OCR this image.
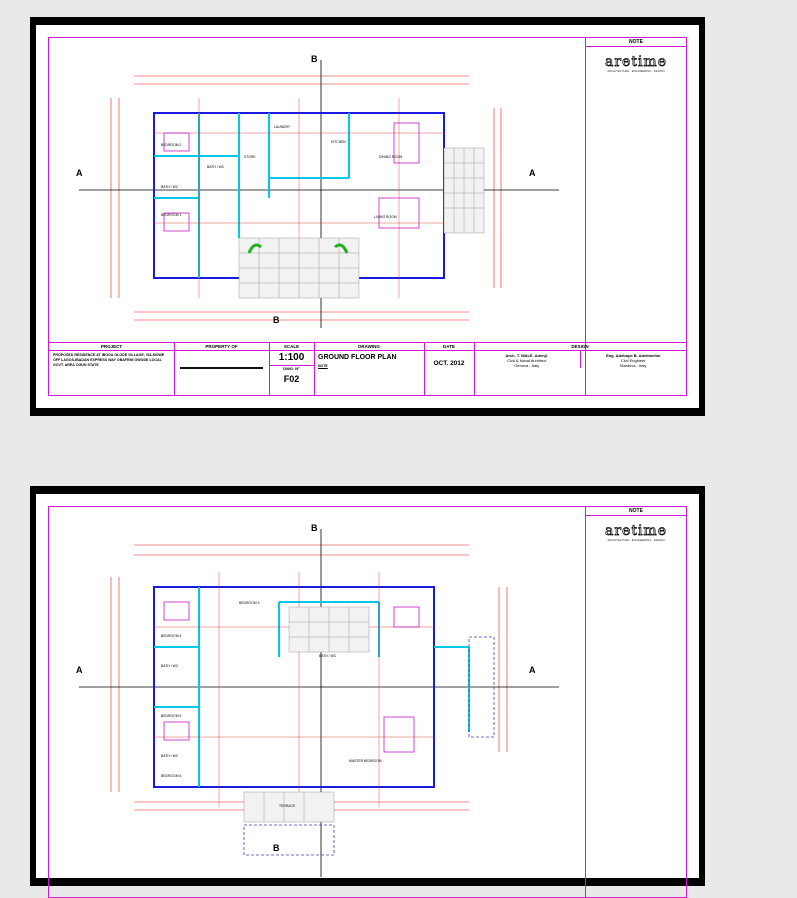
BEDROOM 2
BATH / WC
BEDROOM 1
KITCHEN
DINING ROOM
LIVING ROOM
STORE
LAUNDRY
BATH / WC
A	A
B
B
NOTE
aretime
ARCHITECTURE · ENGINEERING · DESIGN
PROJECT
PROPOSED RESIDENCE AT IBOGA OLODE VILLAGE, VIA MOWE OFF LAGOS-IBADAN EXPRESS WAY OBAFEMI OWODE LOCAL GOVT. AREA OGUN STATE
PROPERTY OF	SCALE
1:100
DWG. N°
F02
DRAWING
GROUND FLOOR PLAN
NOTE
DATE
OCT. 2012
DESIGN
Arch. T. WALE. Adenji.
Civil & Naval Architect
Genova - Italy
Eng. Adebayo B. Adetimehin
Civil Engineer
Mantova - Italy
BEDROOM 3
BEDROOM 4
BATH / WC
BEDROOM 5
BATH / WC
BEDROOM 6
MASTER BEDROOM
TERRACE
BATH / WC
A	A
B
B
NOTE
aretime
ARCHITECTURE · ENGINEERING · DESIGN
